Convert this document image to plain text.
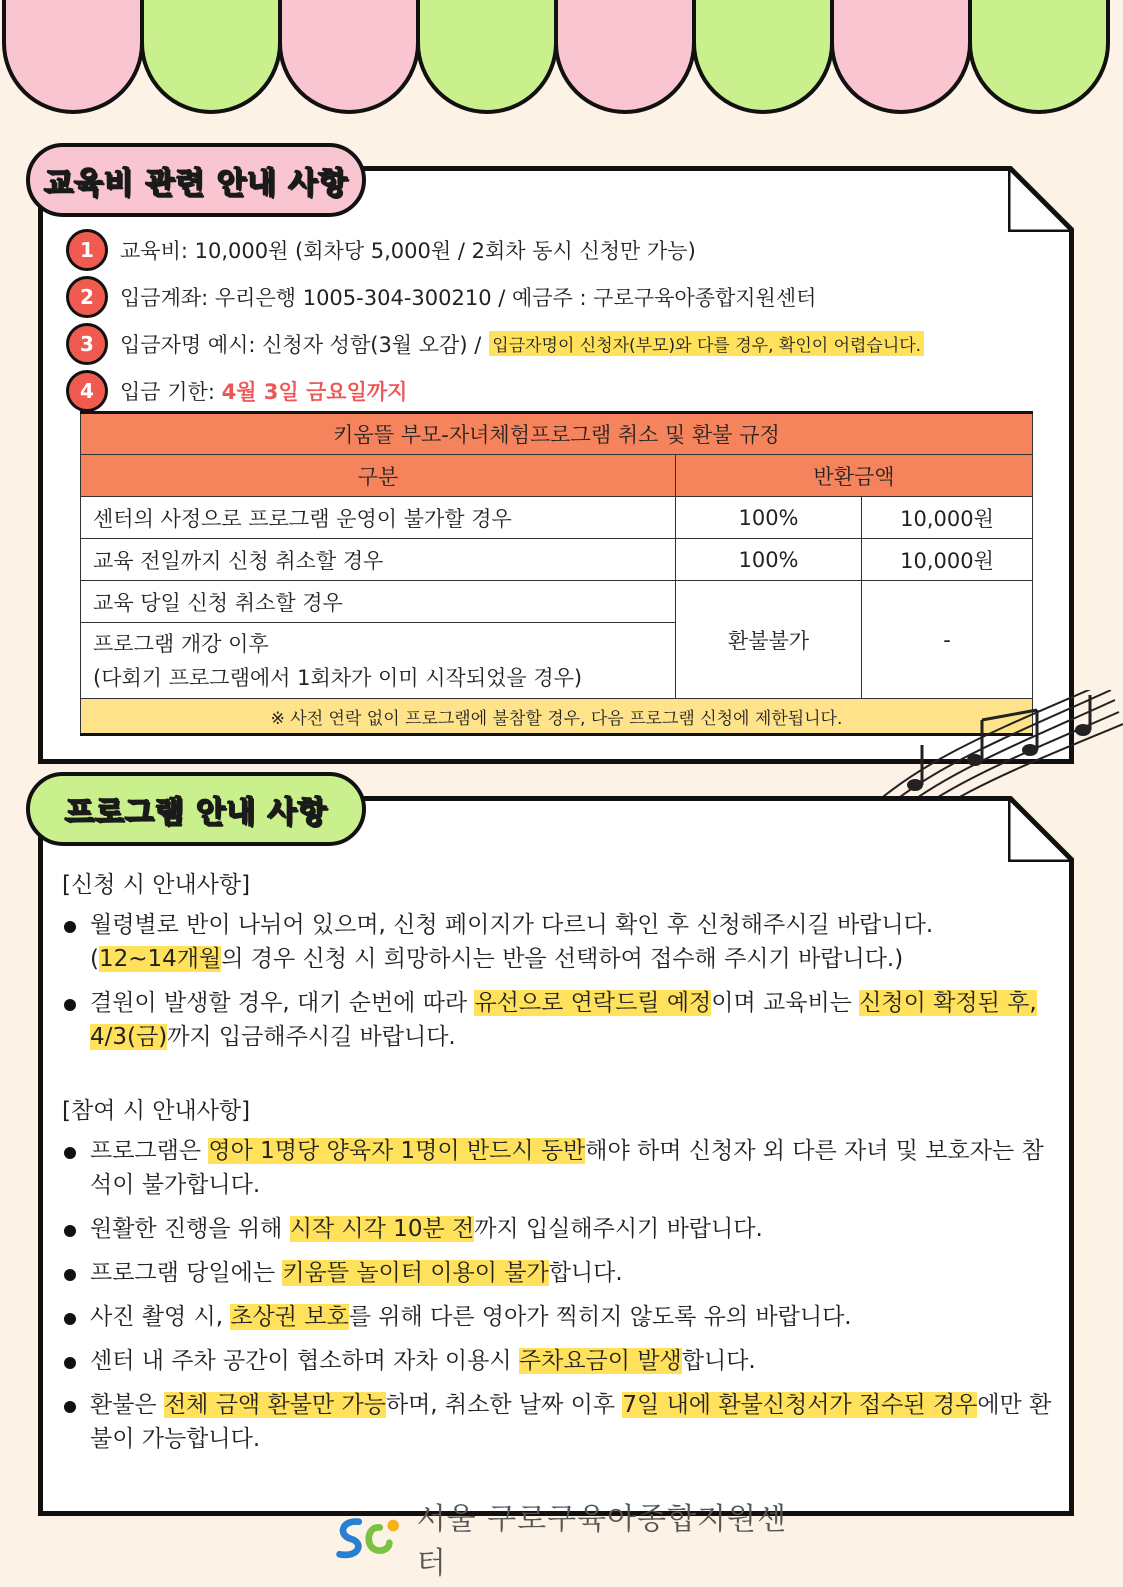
교육비 관련 안내 사항
1	교육비: 10,000원 (회차당 5,000원 / 2회차 동시 신청만 가능)
2	입금계좌: 우리은행 1005-304-300210 / 예금주 : 구로구육아종합지원센터
3	입금자명 예시: 신청자 성함(3월 오감) / 입금자명이 신청자(부모)와 다를 경우, 확인이 어렵습니다.
4	입금 기한:
4월 3일 금요일까지
키움뜰 부모-자녀체험프로그램 취소 및 환불 규정		
구분	반환금액	
센터의 사정으로 프로그램 운영이 불가할 경우	100%	10,000원
교육 전일까지 신청 취소할 경우	100%	10,000원
교육 당일 신청 취소할 경우	환불불가	-

프로그램 개강 이후
(다회기 프로그램에서 1회차가 이미 시작되었을 경우)		

※ 사전 연락 없이 프로그램에 불참할 경우, 다음 프로그램 신청에 제한됩니다.		
프로그램 안내 사항
[신청 시 안내사항]
월령별로 반이 나뉘어 있으며, 신청 페이지가 다르니 확인 후 신청해주시길 바랍니다.
(12~14개월의 경우 신청 시 희망하시는 반을 선택하여 접수해 주시기 바랍니다.)
결원이 발생할 경우, 대기 순번에 따라 유선으로 연락드릴 예정이며 교육비는 신청이 확정된 후, 4/3(금)까지 입금해주시길 바랍니다.
[참여 시 안내사항]
프로그램은 영아 1명당 양육자 1명이 반드시 동반해야 하며 신청자 외 다른 자녀 및 보호자는 참석이 불가합니다.
원활한 진행을 위해 시작 시각 10분 전까지 입실해주시기 바랍니다.
프로그램 당일에는 키움뜰 놀이터 이용이 불가합니다.
사진 촬영 시, 초상권 보호를 위해 다른 영아가 찍히지 않도록 유의 바랍니다.
센터 내 주차 공간이 협소하며 자차 이용시 주차요금이 발생합니다.
환불은 전체 금액 환불만 가능하며, 취소한 날짜 이후 7일 내에 환불신청서가 접수된 경우에만 환불이 가능합니다.
서울 구로구육아종합지원센터
